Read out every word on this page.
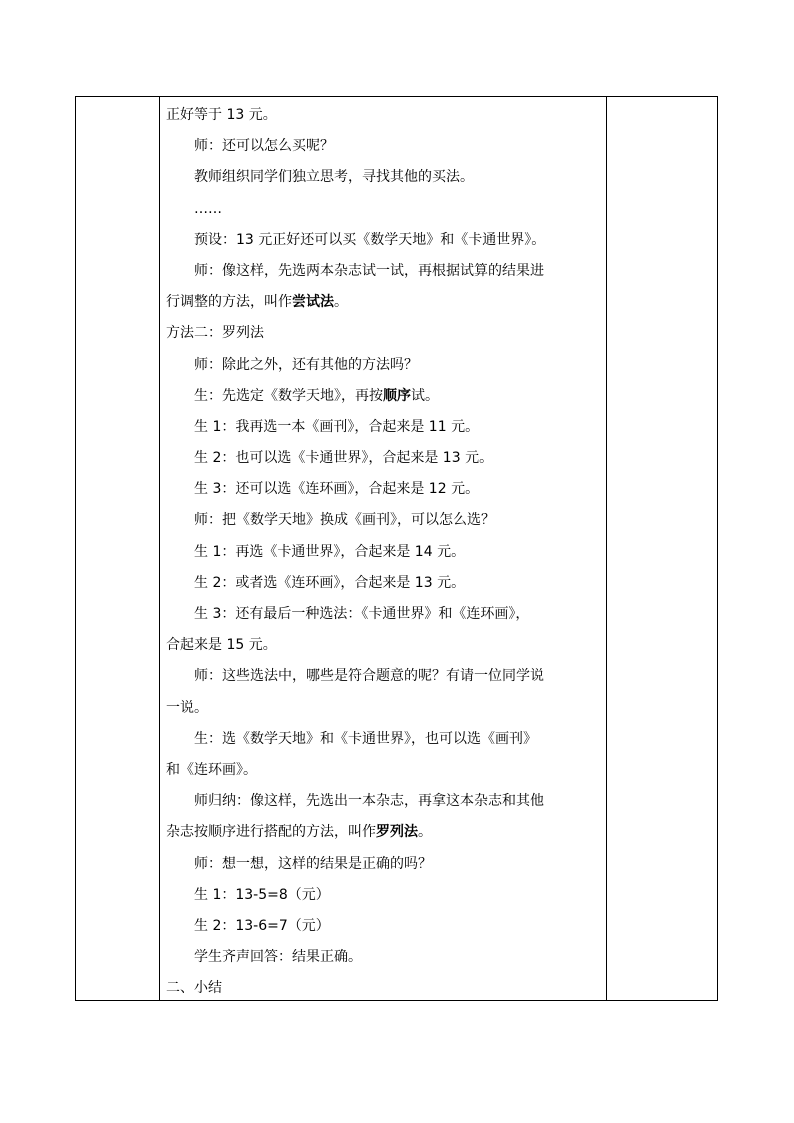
正好等于 13 元。
师：还可以怎么买呢？
教师组织同学们独立思考，寻找其他的买法。
……
预设：13 元正好还可以买《数学天地》和《卡通世界》。
师：像这样，先选两本杂志试一试，再根据试算的结果进
行调整的方法，叫作尝试法。
方法二：罗列法
师：除此之外，还有其他的方法吗？
生：先选定《数学天地》，再按顺序试。
生 1：我再选一本《画刊》，合起来是 11 元。
生 2：也可以选《卡通世界》，合起来是 13 元。
生 3：还可以选《连环画》，合起来是 12 元。
师：把《数学天地》换成《画刊》，可以怎么选？
生 1：再选《卡通世界》，合起来是 14 元。
生 2：或者选《连环画》，合起来是 13 元。
生 3：还有最后一种选法：《卡通世界》和《连环画》，
合起来是 15 元。
师：这些选法中，哪些是符合题意的呢？有请一位同学说
一说。
生：选《数学天地》和《卡通世界》，也可以选《画刊》
和《连环画》。
师归纳：像这样，先选出一本杂志，再拿这本杂志和其他
杂志按顺序进行搭配的方法，叫作罗列法。
师：想一想，这样的结果是正确的吗？
生 1：13-5=8（元）
生 2：13-6=7（元）
学生齐声回答：结果正确。
二、小结
